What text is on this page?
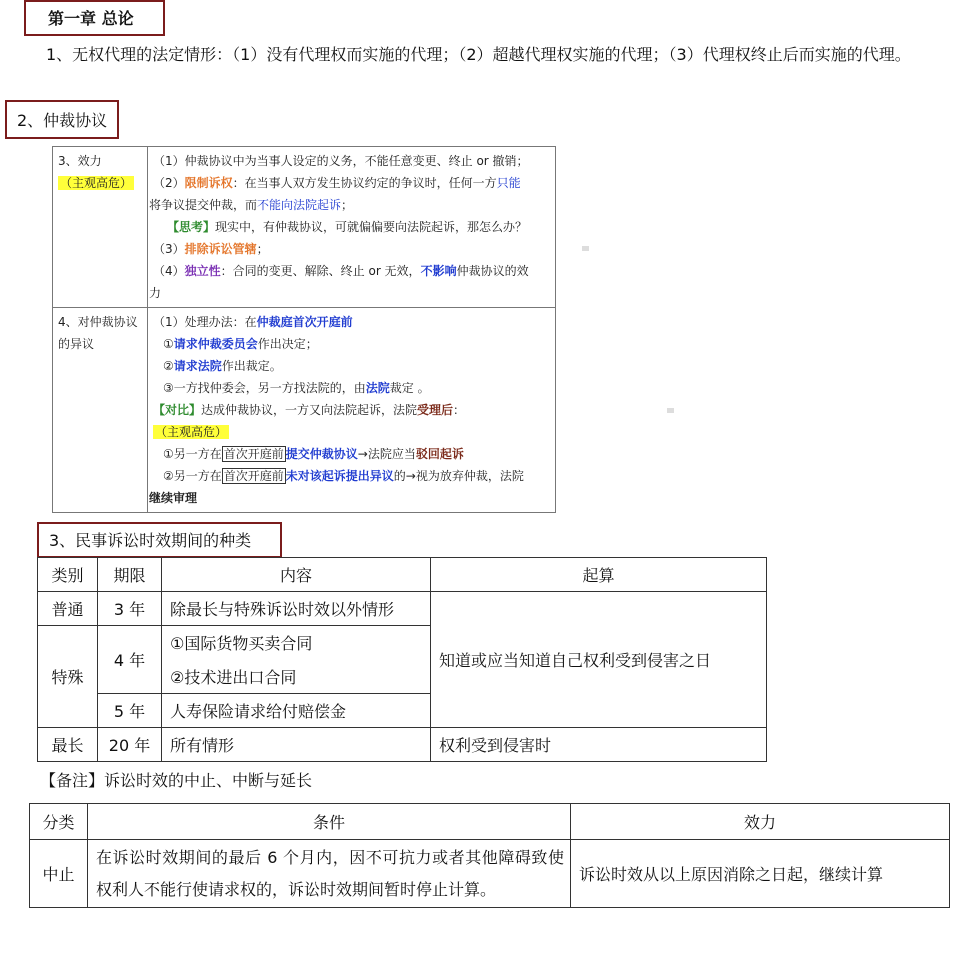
第一章 总论
1、无权代理的法定情形：（1）没有代理权而实施的代理；（2）超越代理权实施的代理；（3）代理权终止后而实施的代理。
2、仲裁协议
3、效力
（主观高危）

（1）仲裁协议中为当事人设定的义务，不能任意变更、终止 or 撤销；
（2）限制诉权：在当事人双方发生协议约定的争议时，任何一方只能
将争议提交仲裁，而不能向法院起诉；
【思考】现实中，有仲裁协议，可就偏偏要向法院起诉，那怎么办？
（3）排除诉讼管辖；
（4）独立性：合同的变更、解除、终止 or 无效，不影响仲裁协议的效
力
4、对仲裁协议的异议

（1）处理办法：在仲裁庭首次开庭前
①请求仲裁委员会作出决定；
②请求法院作出裁定。
③一方找仲委会，另一方找法院的，由法院裁定 。
【对比】达成仲裁协议，一方又向法院起诉，法院受理后：
（主观高危）
①另一方在 首次开庭前 提交仲裁协议→法院应当驳回起诉
②另一方在 首次开庭前 未对该起诉提出异议的→视为放弃仲裁，法院
继续审理
3、民事诉讼时效期间的种类
类别	期限	内容	起算
普通	3 年	除最长与特殊诉讼时效以外情形	知道或应当知道自己权利受到侵害之日
特殊	4 年	①国际货物买卖合同	
		②技术进出口合同	
	5 年	人寿保险请求给付赔偿金	
最长	20 年	所有情形	权利受到侵害时
【备注】诉讼时效的中止、中断与延长
分类	条件	效力
中止	在诉讼时效期间的最后 6 个月内，因不可抗力或者其他障碍致使权利人不能行使请求权的，诉讼时效期间暂时停止计算。	诉讼时效从以上原因消除之日起，继续计算
